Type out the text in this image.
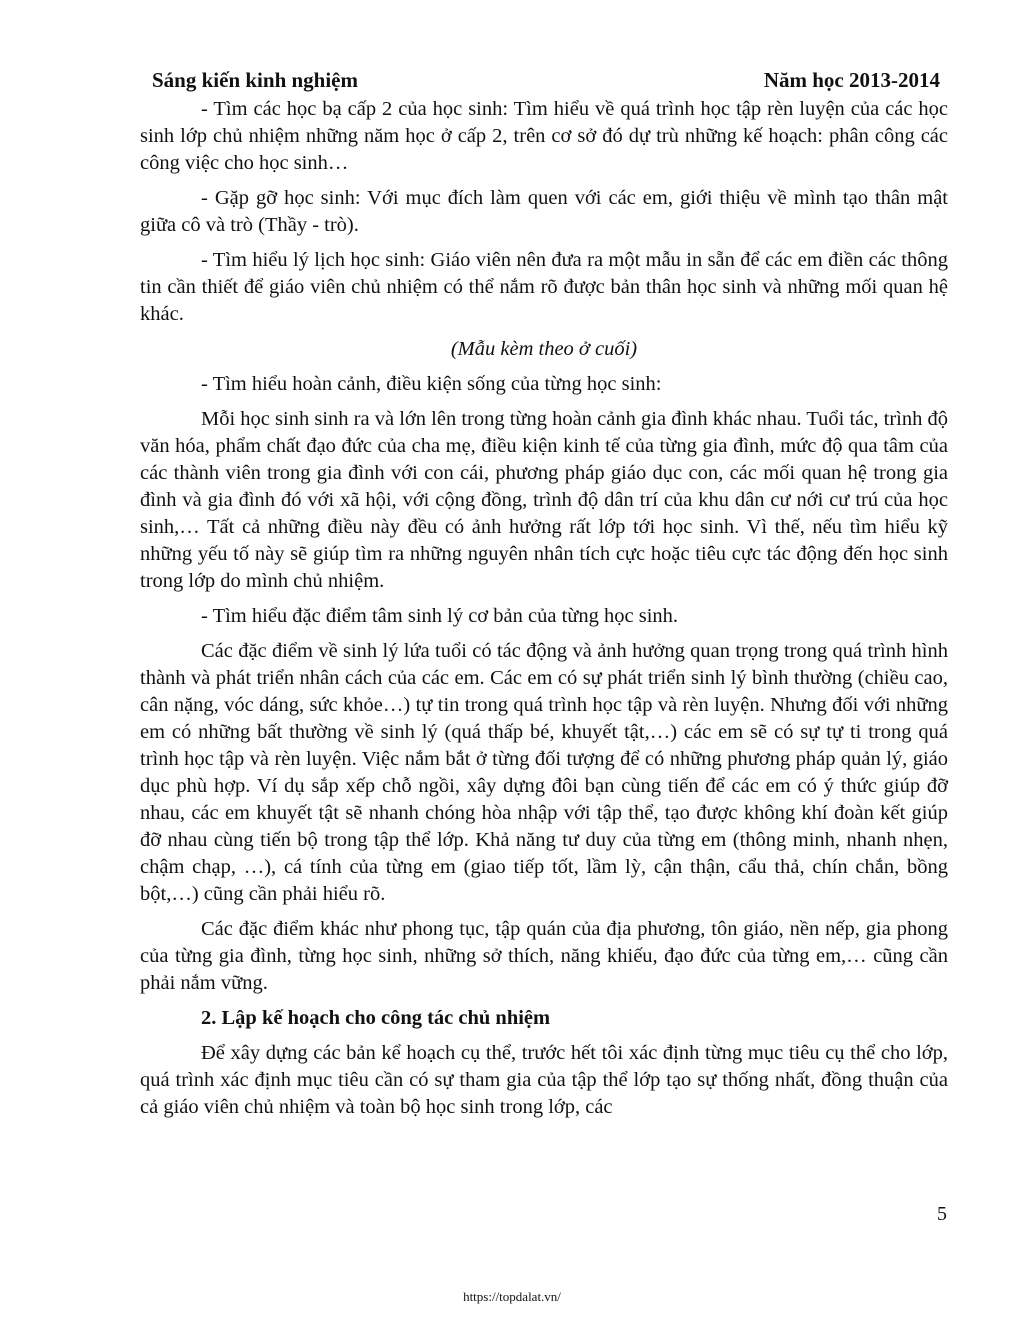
Sáng kiến kinh nghiệm	Năm học 2013-2014

- Tìm các học bạ cấp 2 của học sinh: Tìm hiểu về quá trình học tập rèn luyện của các học sinh lớp chủ nhiệm những năm học ở cấp 2, trên cơ sở đó dự trù những kế hoạch: phân công các công việc cho học sinh…

- Gặp gỡ học sinh: Với mục đích làm quen với các em, giới thiệu về mình tạo thân mật giữa cô và trò (Thầy - trò).

- Tìm hiểu lý lịch học sinh: Giáo viên nên đưa ra một mẫu in sẵn để các em điền các thông tin cần thiết để giáo viên chủ nhiệm có thể nắm rõ được bản thân học sinh và những mối quan hệ khác.

(Mẫu kèm theo ở cuối)

- Tìm hiểu hoàn cảnh, điều kiện sống của từng học sinh:

Mỗi học sinh sinh ra và lớn lên trong từng hoàn cảnh gia đình khác nhau. Tuổi tác, trình độ văn hóa, phẩm chất đạo đức của cha mẹ, điều kiện kinh tế của từng gia đình, mức độ qua tâm của các thành viên trong gia đình với con cái, phương pháp giáo dục con, các mối quan hệ trong gia đình và gia đình đó với xã hội, với cộng đồng, trình độ dân trí của khu dân cư nới cư trú của học sinh,… Tất cả những điều này đều có ảnh hưởng rất lớp tới học sinh. Vì thế, nếu tìm hiểu kỹ những yếu tố này sẽ giúp tìm ra những nguyên nhân tích cực hoặc tiêu cực tác động đến học sinh trong lớp do mình chủ nhiệm.

- Tìm hiểu đặc điểm tâm sinh lý cơ bản của từng học sinh.

Các đặc điểm về sinh lý lứa tuổi có tác động và ảnh hưởng quan trọng trong quá trình hình thành và phát triển nhân cách của các em. Các em có sự phát triển sinh lý bình thường (chiều cao, cân nặng, vóc dáng, sức khỏe…) tự tin trong quá trình học tập và rèn luyện. Nhưng đối với những em có những bất thường về sinh lý (quá thấp bé, khuyết tật,…) các em sẽ có sự tự ti trong quá trình học tập và rèn luyện. Việc nắm bắt ở từng đối tượng để có những phương pháp quản lý, giáo dục phù hợp. Ví dụ sắp xếp chỗ ngồi, xây dựng đôi bạn cùng tiến để các em có ý thức giúp đỡ nhau, các em khuyết tật sẽ nhanh chóng hòa nhập với tập thể, tạo được không khí đoàn kết giúp đỡ nhau cùng tiến bộ trong tập thể lớp. Khả năng tư duy của từng em (thông minh, nhanh nhẹn, chậm chạp, …), cá tính của từng em (giao tiếp tốt, lầm lỳ, cận thận, cẩu thả, chín chắn, bồng bột,…) cũng cần phải hiểu rõ.

Các đặc điểm khác như phong tục, tập quán của địa phương, tôn giáo, nền nếp, gia phong của từng gia đình, từng học sinh, những sở thích, năng khiếu, đạo đức của từng em,… cũng cần phải nắm vững.

2. Lập kế hoạch cho công tác chủ nhiệm

Để xây dựng các bản kể hoạch cụ thể, trước hết tôi xác định từng mục tiêu cụ thể cho lớp, quá trình xác định mục tiêu cần có sự tham gia của tập thể lớp tạo sự thống nhất, đồng thuận của cả giáo viên chủ nhiệm và toàn bộ học sinh trong lớp, các

5
https://topdalat.vn/
